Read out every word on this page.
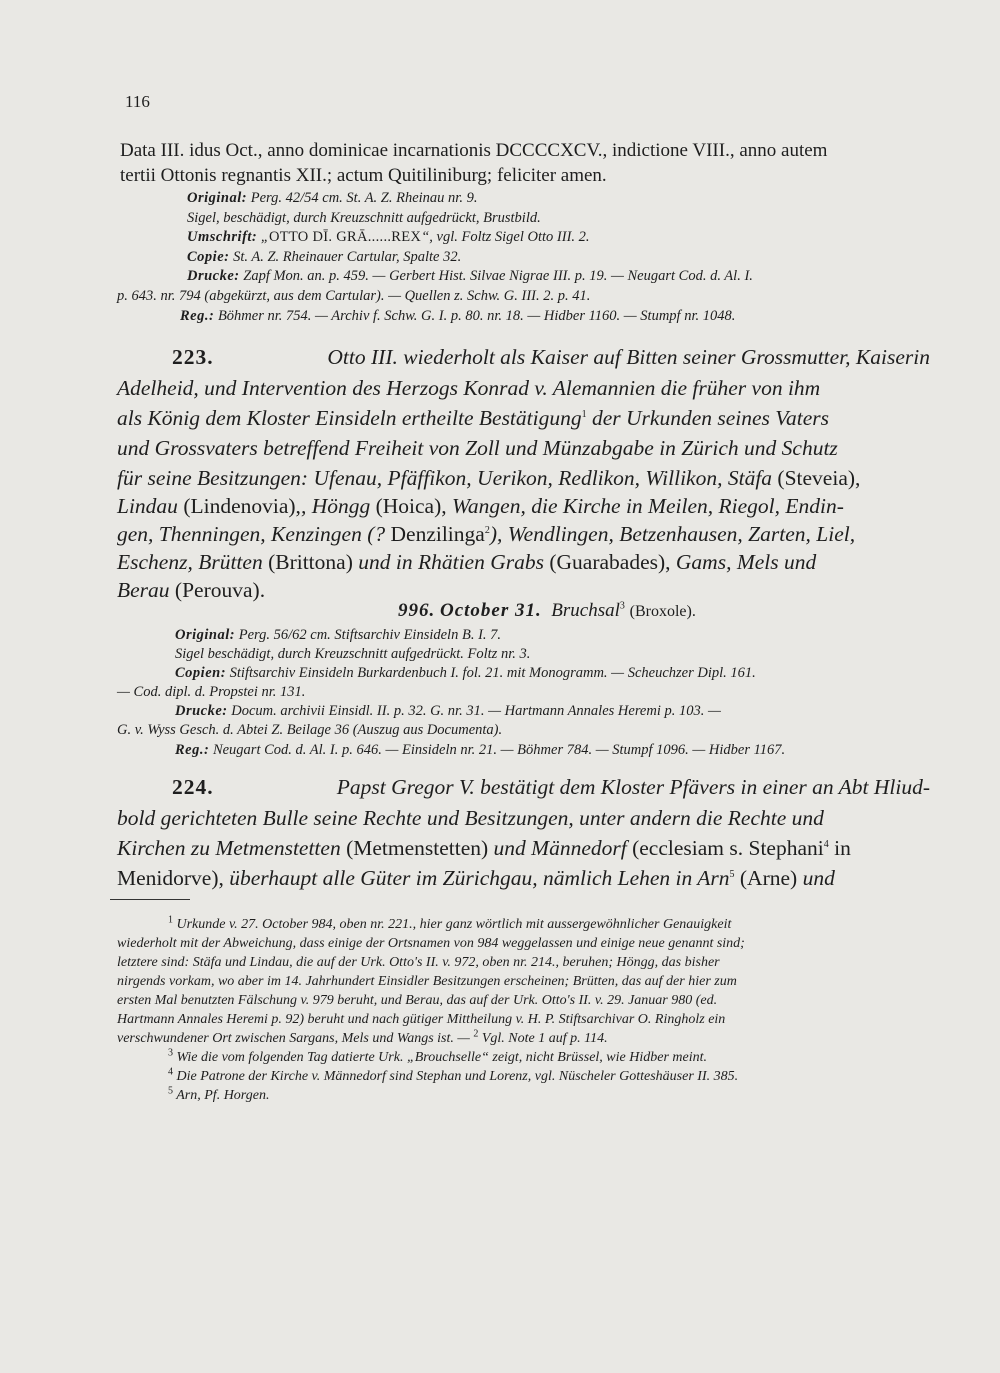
116
Data III. idus Oct., anno dominicae incarnationis DCCCCXCV., indictione VIII., anno autem
tertii Ottonis regnantis XII.; actum Quitiliniburg; feliciter amen.
Original: Perg. 42/54 cm. St. A. Z. Rheinau nr. 9.
Sigel, beschädigt, durch Kreuzschnitt aufgedrückt, Brustbild.
Umschrift: „OTTO DĪ. GRĀ......REX“, vgl. Foltz Sigel Otto III. 2.
Copie: St. A. Z. Rheinauer Cartular, Spalte 32.
Drucke: Zapf Mon. an. p. 459. — Gerbert Hist. Silvae Nigrae III. p. 19. — Neugart Cod. d. Al. I.
p. 643. nr. 794 (abgekürzt, aus dem Cartular). — Quellen z. Schw. G. III. 2. p. 41.
Reg.: Böhmer nr. 754. — Archiv f. Schw. G. I. p. 80. nr. 18. — Hidber 1160. — Stumpf nr. 1048.
223.	Otto III. wiederholt als Kaiser auf Bitten seiner Grossmutter, Kaiserin
Adelheid, und Intervention des Herzogs Konrad v. Alemannien die früher von ihm
als König dem Kloster Einsideln ertheilte Bestätigung$^1$ der Urkunden seines Vaters
und Grossvaters betreffend Freiheit von Zoll und Münzabgabe in Zürich und Schutz
für seine Besitzungen: Ufenau, Pfäffikon, Uerikon, Redlikon, Willikon, Stäfa (Steveia),
Lindau (Lindenovia),, Höngg (Hoica), Wangen, die Kirche in Meilen, Riegol, Endin-
gen, Thenningen, Kenzingen (? Denzilinga$^2$), Wendlingen, Betzenhausen, Zarten, Liel,
Eschenz, Brütten (Brittona) und in Rhätien Grabs (Guarabades), Gams, Mels und
Berau (Perouva).
996. October 31. Bruchsal$^3$ (Broxole).
Original: Perg. 56/62 cm. Stiftsarchiv Einsideln B. I. 7.
Sigel beschädigt, durch Kreuzschnitt aufgedrückt. Foltz nr. 3.
Copien: Stiftsarchiv Einsideln Burkardenbuch I. fol. 21. mit Monogramm. — Scheuchzer Dipl. 161.
— Cod. dipl. d. Propstei nr. 131.
Drucke: Docum. archivii Einsidl. II. p. 32. G. nr. 31. — Hartmann Annales Heremi p. 103. —
G. v. Wyss Gesch. d. Abtei Z. Beilage 36 (Auszug aus Documenta).
Reg.: Neugart Cod. d. Al. I. p. 646. — Einsideln nr. 21. — Böhmer 784. — Stumpf 1096. — Hidber 1167.
224.	Papst Gregor V. bestätigt dem Kloster Pfävers in einer an Abt Hliud-
bold gerichteten Bulle seine Rechte und Besitzungen, unter andern die Rechte und
Kirchen zu Metmenstetten (Metmenstetten) und Männedorf (ecclesiam s. Stephani$^4$ in
Menidorve), überhaupt alle Güter im Zürichgau, nämlich Lehen in Arn$^5$ (Arne) und
$^1$ Urkunde v. 27. October 984, oben nr. 221., hier ganz wörtlich mit aussergewöhnlicher Genauigkeit
wiederholt mit der Abweichung, dass einige der Ortsnamen von 984 weggelassen und einige neue genannt sind;
letztere sind: Stäfa und Lindau, die auf der Urk. Otto's II. v. 972, oben nr. 214., beruhen; Höngg, das bisher
nirgends vorkam, wo aber im 14. Jahrhundert Einsidler Besitzungen erscheinen; Brütten, das auf der hier zum
ersten Mal benutzten Fälschung v. 979 beruht, und Berau, das auf der Urk. Otto's II. v. 29. Januar 980 (ed.
Hartmann Annales Heremi p. 92) beruht und nach gütiger Mittheilung v. H. P. Stiftsarchivar O. Ringholz ein
verschwundener Ort zwischen Sargans, Mels und Wangs ist. — $^2$ Vgl. Note 1 auf p. 114.
$^3$ Wie die vom folgenden Tag datierte Urk. „Brouchselle“ zeigt, nicht Brüssel, wie Hidber meint.
$^4$ Die Patrone der Kirche v. Männedorf sind Stephan und Lorenz, vgl. Nüscheler Gotteshäuser II. 385.
$^5$ Arn, Pf. Horgen.
